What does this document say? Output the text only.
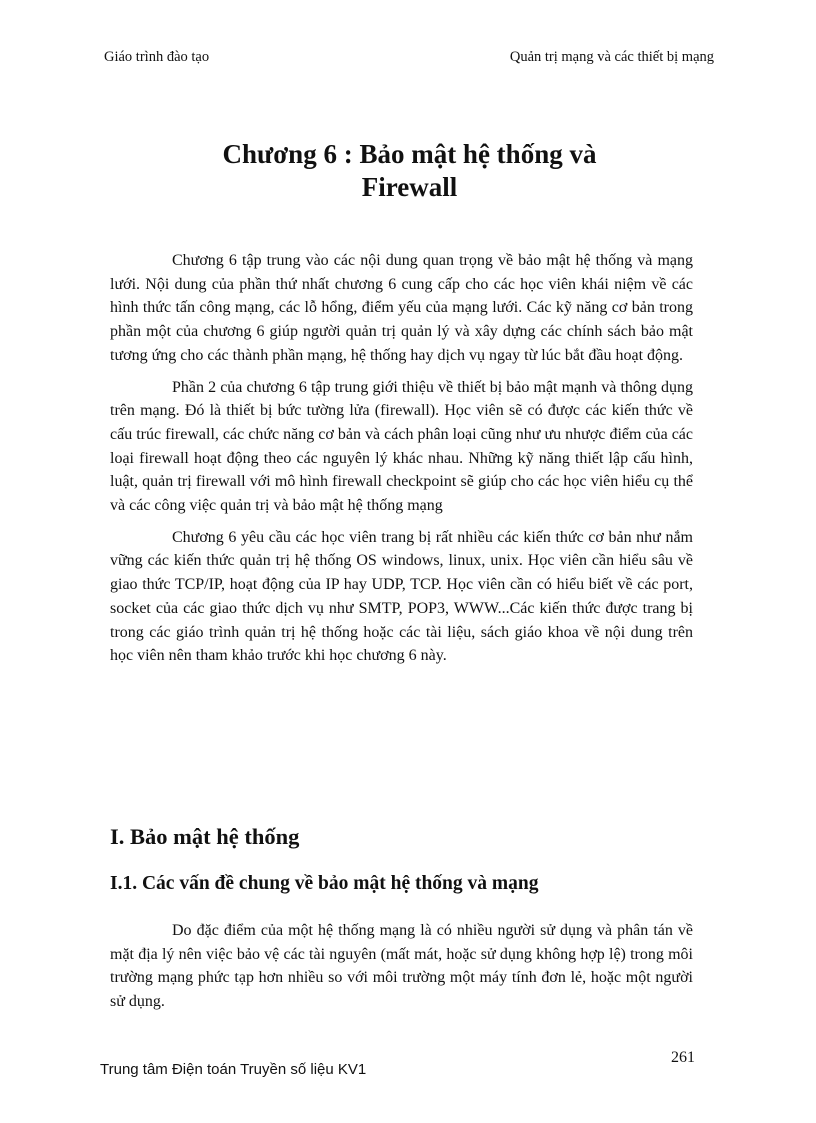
Giáo trình đào tạo	Quản trị mạng và các thiết bị mạng
Chương 6 : Bảo mật hệ thống và
Firewall

Chương 6 tập trung vào các nội dung quan trọng về bảo mật hệ thống và mạng lưới. Nội dung của phần thứ nhất chương 6 cung cấp cho các học viên khái niệm về các hình thức tấn công mạng, các lỗ hổng, điểm yếu của mạng lưới. Các kỹ năng cơ bản trong phần một của chương 6 giúp người quản trị quản lý và xây dựng các chính sách bảo mật tương ứng cho các thành phần mạng, hệ thống hay dịch vụ ngay từ lúc bắt đầu hoạt động.

Phần 2 của chương 6 tập trung giới thiệu về thiết bị bảo mật mạnh và thông dụng trên mạng. Đó là thiết bị bức tường lửa (firewall). Học viên sẽ có được các kiến thức về cấu trúc firewall, các chức năng cơ bản và cách phân loại cũng như ưu nhược điểm của các loại firewall hoạt động theo các nguyên lý khác nhau. Những kỹ năng thiết lập cấu hình, luật, quản trị firewall với mô hình firewall checkpoint sẽ giúp cho các học viên hiểu cụ thể và các công việc quản trị và bảo mật hệ thống mạng

Chương 6 yêu cầu các học viên trang bị rất nhiều các kiến thức cơ bản như nắm vững các kiến thức quản trị hệ thống OS windows, linux, unix. Học viên cần hiểu sâu về giao thức TCP/IP, hoạt động của IP hay UDP, TCP. Học viên cần có hiểu biết về các port, socket của các giao thức dịch vụ như SMTP, POP3, WWW...Các kiến thức được trang bị trong các giáo trình quản trị hệ thống hoặc các tài liệu, sách giáo khoa về nội dung trên học viên nên tham khảo trước khi học chương 6 này.

I. Bảo mật hệ thống
I.1. Các vấn đề chung về bảo mật hệ thống và mạng

Do đặc điểm của một hệ thống mạng là có nhiều người sử dụng và phân tán về mặt địa lý nên việc bảo vệ các tài nguyên (mất mát, hoặc sử dụng không hợp lệ) trong môi trường mạng phức tạp hơn nhiều so với môi trường một máy tính đơn lẻ, hoặc một người sử dụng.

Trung tâm Điện toán Truyền số liệu KV1
261
